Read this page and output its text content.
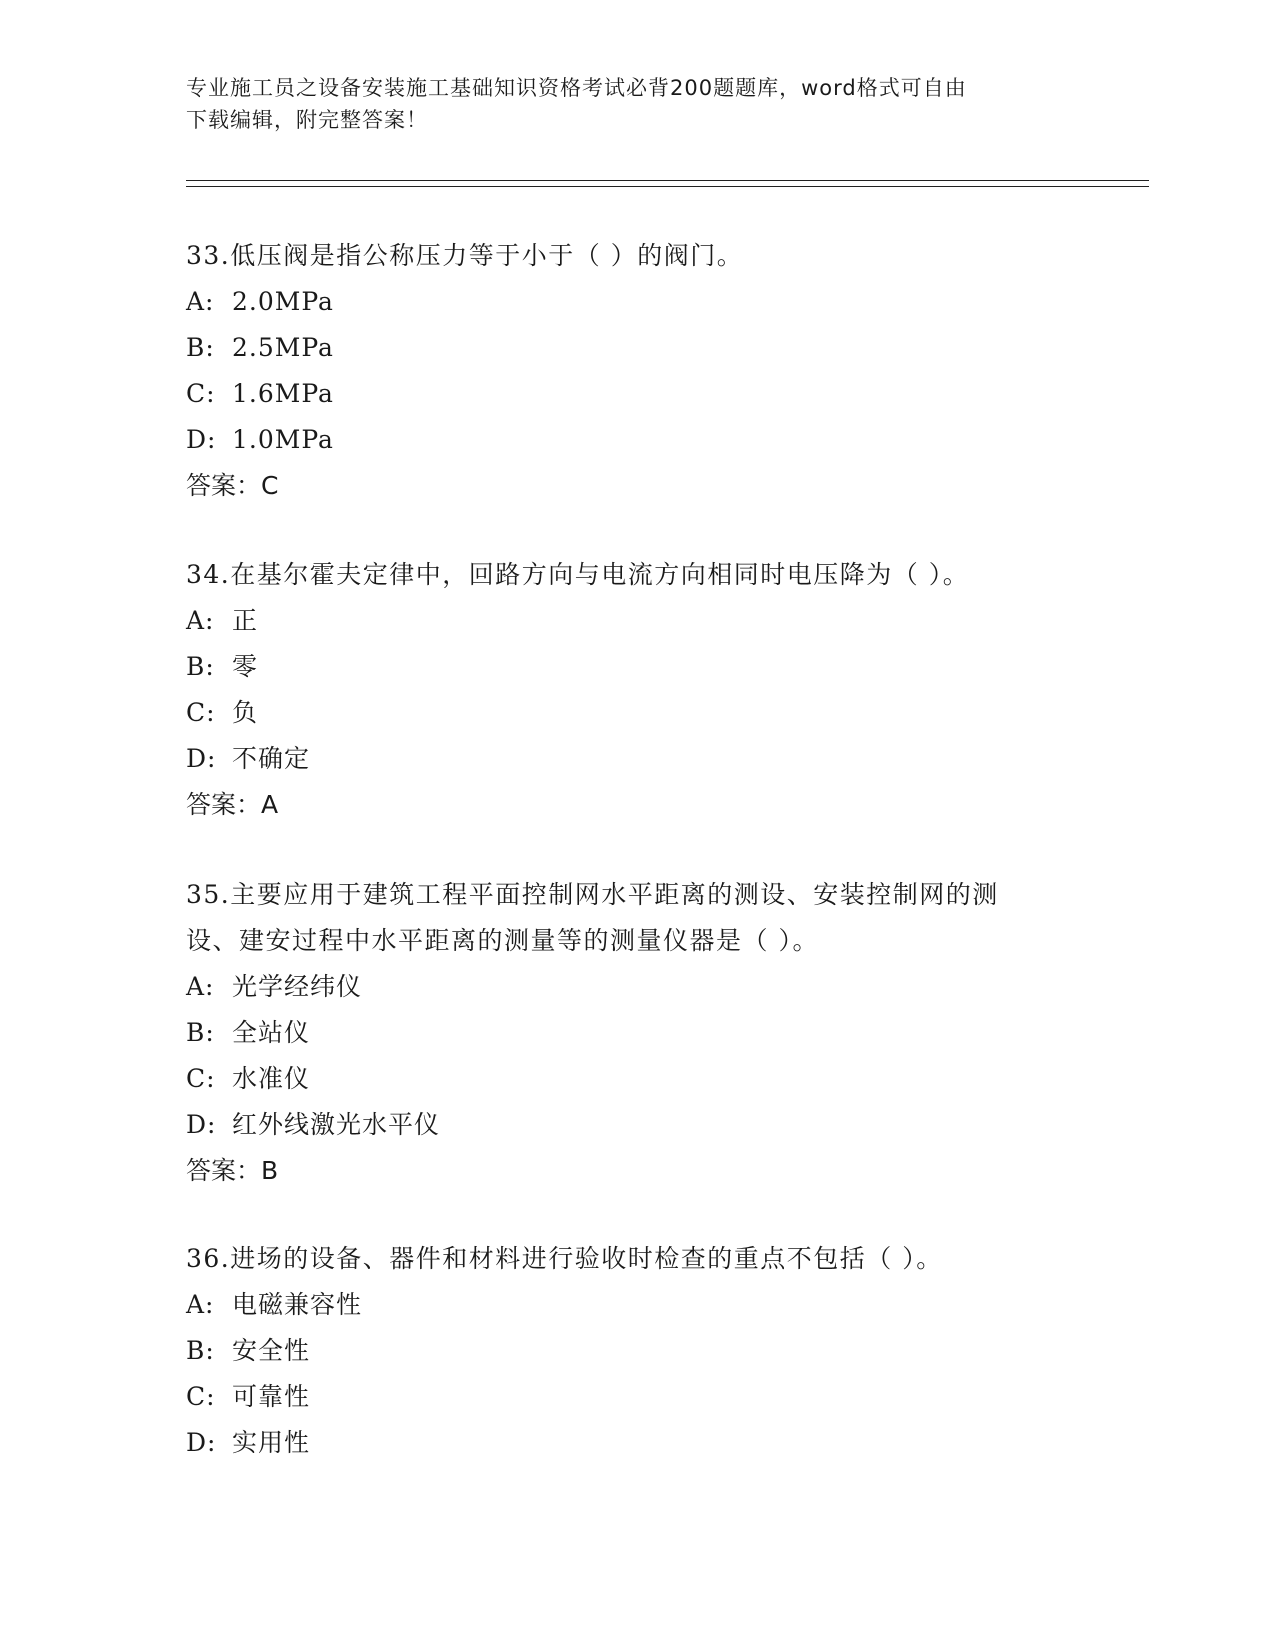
专业施工员之设备安装施工基础知识资格考试必背200题题库，word格式可自由
下载编辑，附完整答案！

33.低压阀是指公称压力等于小于（ ）的阀门。

A: 2.0MPa

B: 2.5MPa

C: 1.6MPa

D: 1.0MPa

答案：C

34.在基尔霍夫定律中，回路方向与电流方向相同时电压降为（ ）。

A: 正

B: 零

C: 负

D: 不确定

答案：A

35.主要应用于建筑工程平面控制网水平距离的测设、安装控制网的测

设、建安过程中水平距离的测量等的测量仪器是（ ）。

A: 光学经纬仪

B: 全站仪

C: 水准仪

D: 红外线激光水平仪

答案：B

36.进场的设备、器件和材料进行验收时检查的重点不包括（ ）。

A: 电磁兼容性

B: 安全性

C: 可靠性

D: 实用性
